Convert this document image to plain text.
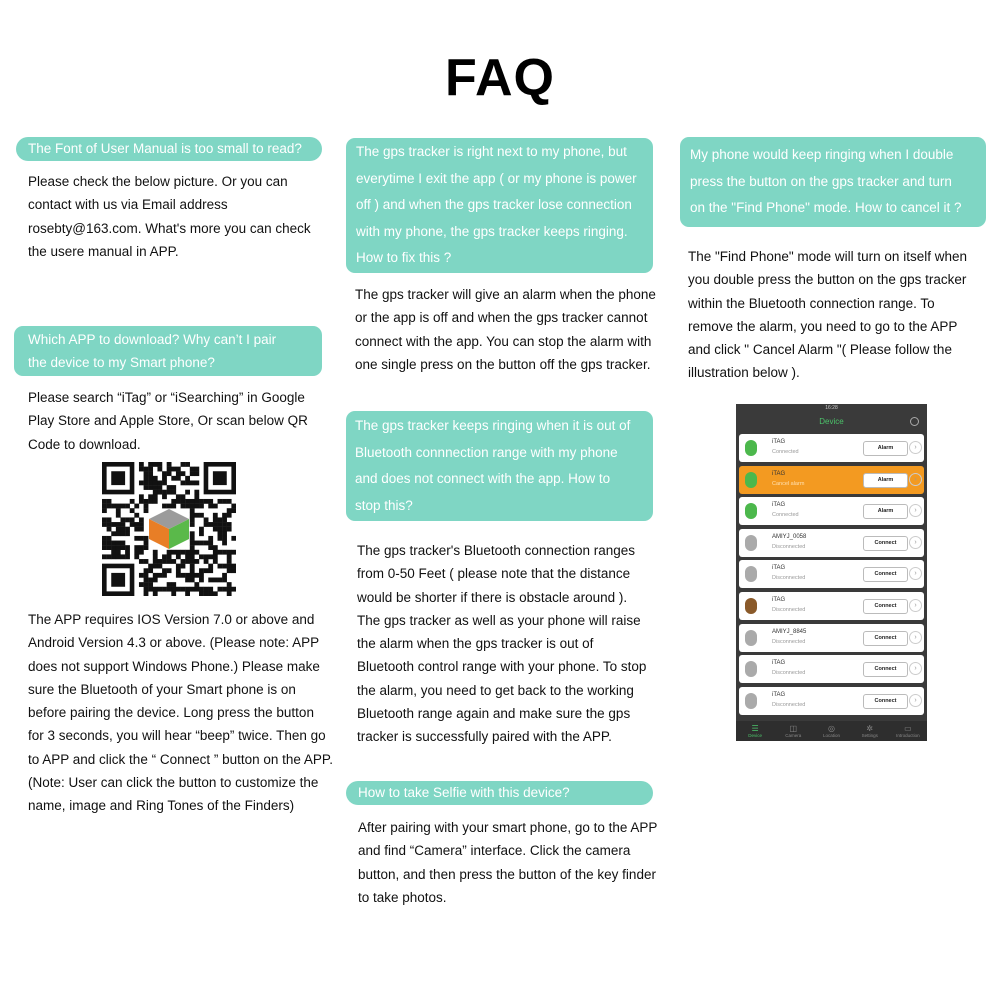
FAQ
The Font of User Manual is too small to read?
Please check the below picture. Or you can
contact with us via Email address
rosebty@163.com. What's more you can check
the usere manual in APP.
Which APP to download? Why can’t I pair
the device to my Smart phone?
Please search “iTag” or “iSearching” in Google
Play Store and Apple Store, Or scan below QR
Code to download.
The APP requires IOS Version 7.0 or above and
Android Version 4.3 or above. (Please note: APP
does not support Windows Phone.) Please make
sure the Bluetooth of your Smart phone is on
before pairing the device. Long press the button
for 3 seconds, you will hear “beep” twice. Then go
to APP and click the “ Connect ” button on the APP.
(Note: User can click the button to customize the
name, image and Ring Tones of the Finders)
The gps tracker is right next to my phone, but
everytime I exit the app ( or my phone is power
off ) and when the gps tracker lose connection
with my phone, the gps tracker keeps ringing.
How to fix this ?
The gps tracker will give an alarm when the phone
or the app is off and when the gps tracker cannot
connect with the app. You can stop the alarm with
one single press on the button off the gps tracker.
The gps tracker keeps ringing when it is out of
Bluetooth connnection range with my phone
and does not connect with the app. How to
stop this?
The gps tracker's Bluetooth connection ranges
from 0-50 Feet ( please note that the distance
would be shorter if there is obstacle around ).
The gps tracker as well as your phone will raise
the alarm when the gps tracker is out of
Bluetooth control range with your phone. To stop
the alarm, you need to get back to the working
Bluetooth range again and make sure the gps
tracker is successfully paired with the APP.
How to take Selfie with this device?
After pairing with your smart phone, go to the APP
and find “Camera” interface. Click the camera
button, and then press the button of the key finder
to take photos.
My phone would keep ringing when I double
press the button on the gps tracker and turn
on the "Find Phone" mode. How to cancel it ?
The "Find Phone" mode will turn on itself when
you double press the button on the gps tracker
within the Bluetooth connection range. To
remove the alarm, you need to go to the APP
and click " Cancel Alarm "( Please follow the
illustration below ).
16:28
Device
iTAG
Connected
Alarm	›
iTAG
Cancel alarm
Alarm	›
iTAG
Connected
Alarm	›
AMIYJ_0058
Disconnected
Connect	›
iTAG
Disconnected
Connect	›
iTAG
Disconnected
Connect	›
AMIYJ_8845
Disconnected
Connect	›
iTAG
Disconnected
Connect	›
iTAG
Disconnected
Connect	›
☰
Device
◫
Camera
◎
Location
✲
Settings
▭
Introduction
